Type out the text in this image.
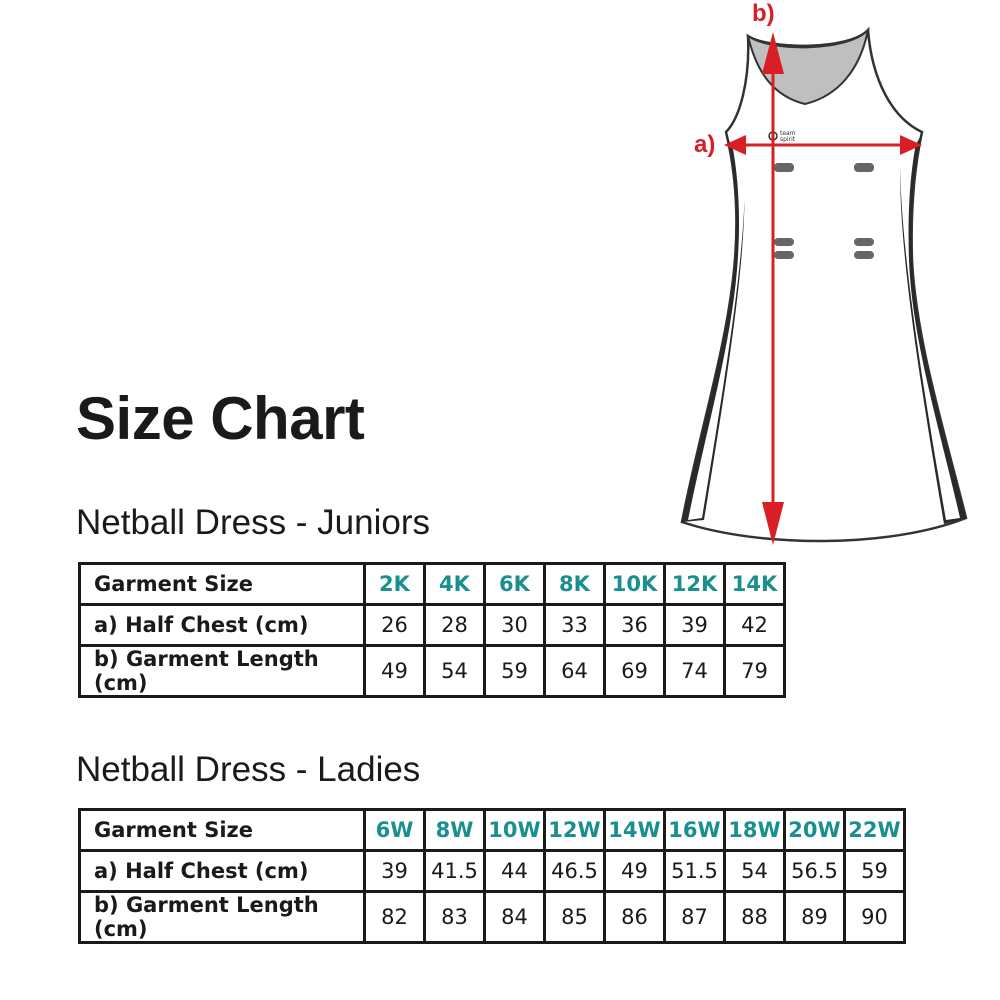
team
spirit
b)
a)
Size Chart
Netball Dress - Juniors
Garment Size	2K	4K	6K	8K	10K	12K	14K
a) Half Chest (cm)	26	28	30	33	36	39	42
b) Garment Length (cm)	49	54	59	64	69	74	79
Netball Dress - Ladies
Garment Size	6W	8W	10W	12W	14W	16W	18W	20W	22W
a) Half Chest (cm)	39	41.5	44	46.5	49	51.5	54	56.5	59
b) Garment Length (cm)	82	83	84	85	86	87	88	89	90
